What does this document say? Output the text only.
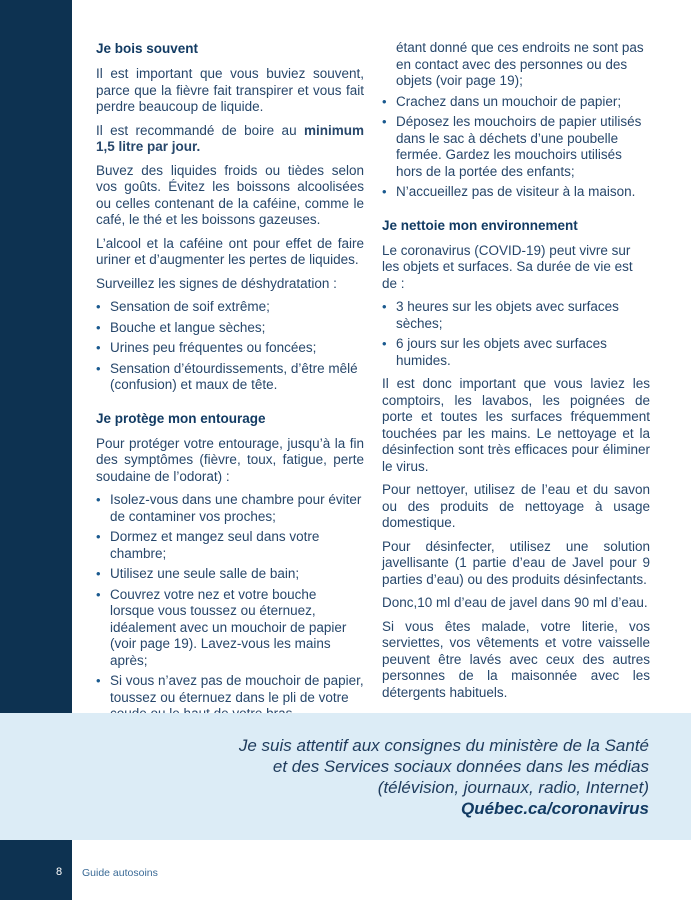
Je bois souvent

Il est important que vous buviez souvent, parce que la fièvre fait transpirer et vous fait perdre beaucoup de liquide.

Il est recommandé de boire au minimum 1,5 litre par jour.

Buvez des liquides froids ou tièdes selon vos goûts. Évitez les boissons alcoolisées ou celles contenant de la caféine, comme le café, le thé et les boissons gazeuses.

L’alcool et la caféine ont pour effet de faire uriner et d’augmenter les pertes de liquides.

Surveillez les signes de déshydratation :

• Sensation de soif extrême;
• Bouche et langue sèches;
• Urines peu fréquentes ou foncées;
• Sensation d’étourdissements, d’être mêlé (confusion) et maux de tête.
Je protège mon entourage

Pour protéger votre entourage, jusqu’à la fin des symptômes (fièvre, toux, fatigue, perte soudaine de l’odorat) :

• Isolez-vous dans une chambre pour éviter de contaminer vos proches;
• Dormez et mangez seul dans votre chambre;
• Utilisez une seule salle de bain;
• Couvrez votre nez et votre bouche lorsque vous toussez ou éternuez, idéalement avec un mouchoir de papier (voir page 19). Lavez-vous les mains après;
• Si vous n’avez pas de mouchoir de papier, toussez ou éternuez dans le pli de votre
étant donné que ces endroits ne sont pas en contact avec des personnes ou des objets (voir page 19);
• Crachez dans un mouchoir de papier;
• Déposez les mouchoirs de papier utilisés dans le sac à déchets d’une poubelle fermée. Gardez les mouchoirs utilisés hors de la portée des enfants;
• N’accueillez pas de visiteur à la maison.
Je nettoie mon environnement

Le coronavirus (COVID-19) peut vivre sur les objets et surfaces. Sa durée de vie est de :

• 3 heures sur les objets avec surfaces sèches;
• 6 jours sur les objets avec surfaces humides.

Il est donc important que vous laviez les comptoirs, les lavabos, les poignées de porte et toutes les surfaces fréquemment touchées par les mains. Le nettoyage et la désinfection sont très efficaces pour éliminer le virus.

Pour nettoyer, utilisez de l’eau et du savon ou des produits de nettoyage à usage domestique.

Pour désinfecter, utilisez une solution javellisante (1 partie d’eau de Javel pour 9 parties d’eau) ou des produits désinfectants.

Donc,10 ml d’eau de javel dans 90 ml d’eau.

Si vous êtes malade, votre literie, vos serviettes, vos vêtements et votre vaisselle peuvent être lavés avec ceux des autres personnes de la maisonnée avec les détergents habituels.

Je suis attentif aux consignes du ministère de la Santé
et des Services sociaux données dans les médias
(télévision, journaux, radio, Internet)
Québec.ca/coronavirus
8 Guide autosoins
